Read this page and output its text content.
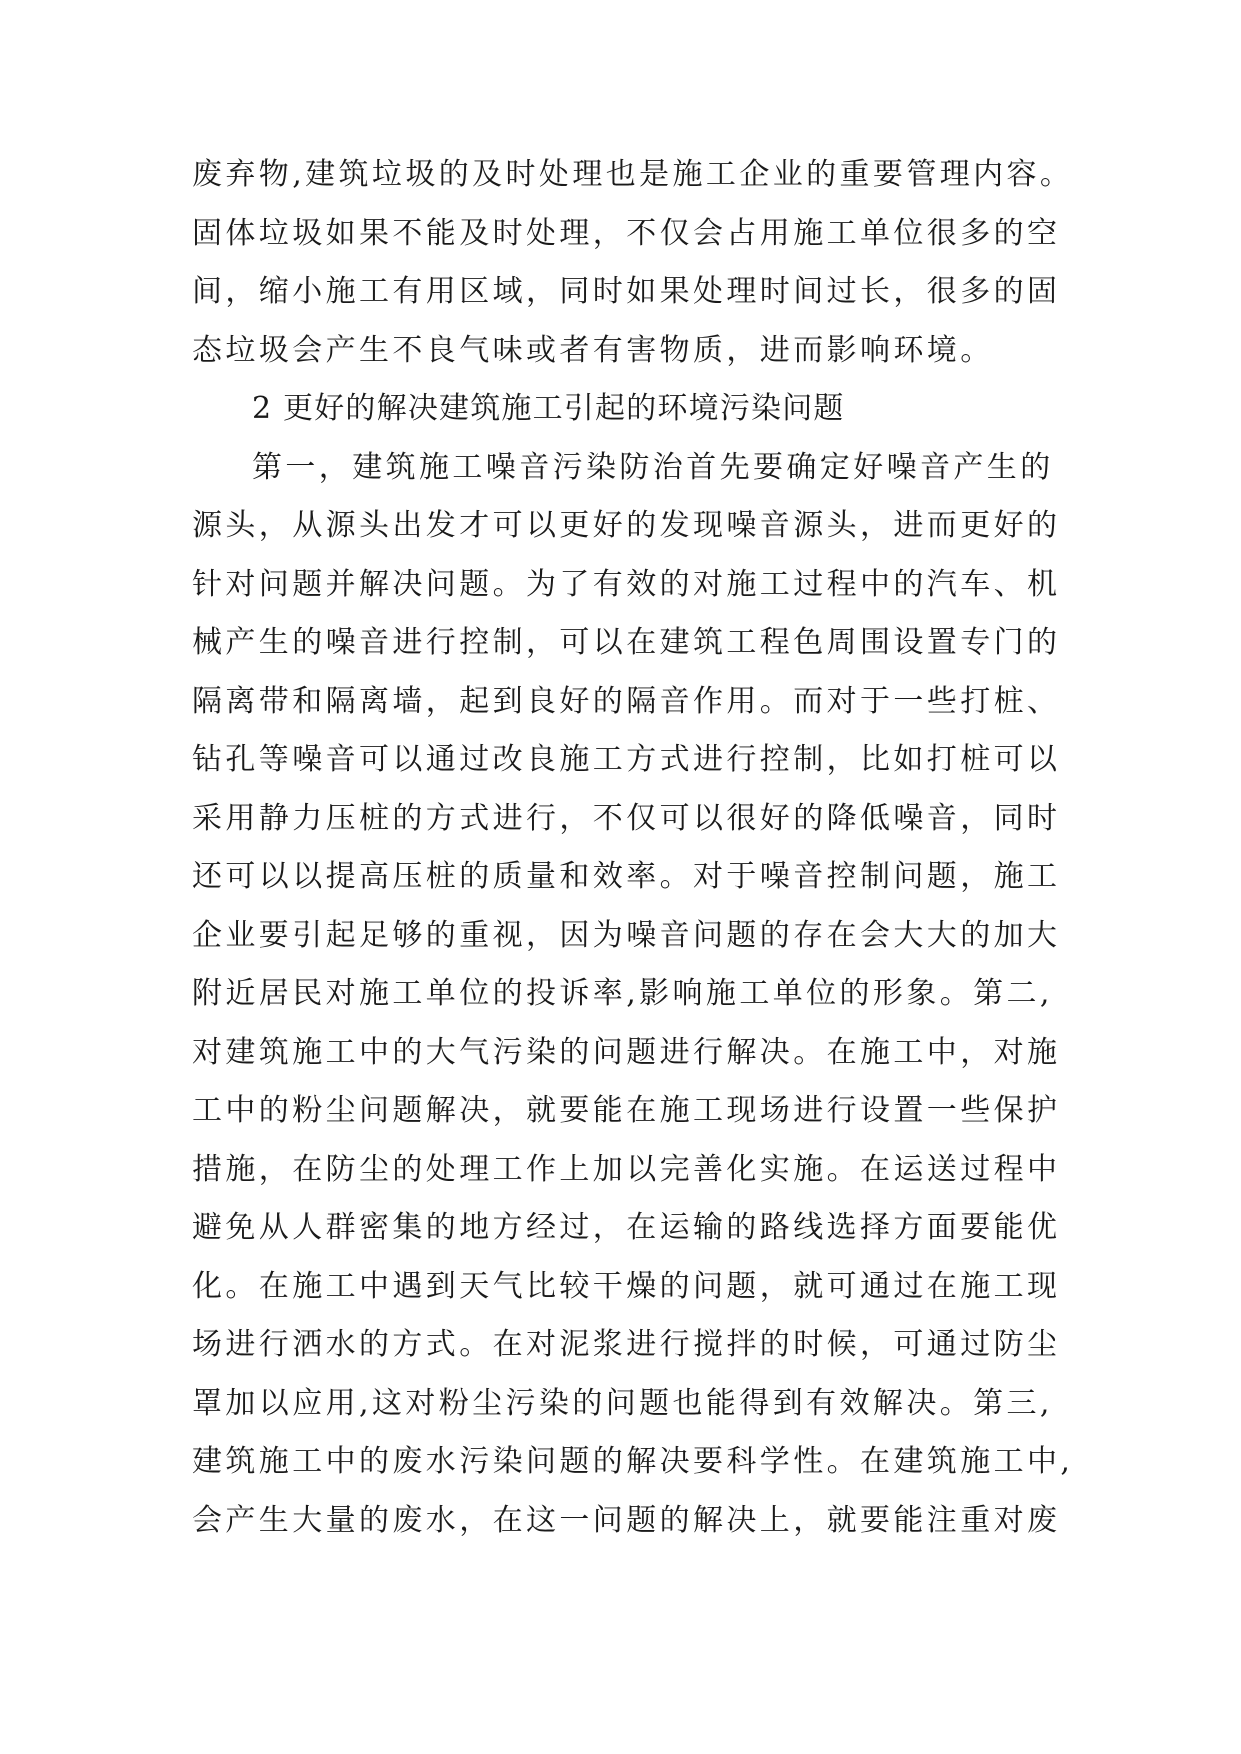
废弃物,建筑垃圾的及时处理也是施工企业的重要管理内容。
固体垃圾如果不能及时处理，不仅会占用施工单位很多的空
间，缩小施工有用区域，同时如果处理时间过长，很多的固
态垃圾会产生不良气味或者有害物质，进而影响环境。
2 更好的解决建筑施工引起的环境污染问题
第一，建筑施工噪音污染防治首先要确定好噪音产生的
源头，从源头出发才可以更好的发现噪音源头，进而更好的
针对问题并解决问题。为了有效的对施工过程中的汽车、机
械产生的噪音进行控制，可以在建筑工程色周围设置专门的
隔离带和隔离墙，起到良好的隔音作用。而对于一些打桩、
钻孔等噪音可以通过改良施工方式进行控制，比如打桩可以
采用静力压桩的方式进行，不仅可以很好的降低噪音，同时
还可以以提高压桩的质量和效率。对于噪音控制问题，施工
企业要引起足够的重视，因为噪音问题的存在会大大的加大
附近居民对施工单位的投诉率,影响施工单位的形象。第二,
对建筑施工中的大气污染的问题进行解决。在施工中，对施
工中的粉尘问题解决，就要能在施工现场进行设置一些保护
措施，在防尘的处理工作上加以完善化实施。在运送过程中
避免从人群密集的地方经过，在运输的路线选择方面要能优
化。在施工中遇到天气比较干燥的问题，就可通过在施工现
场进行洒水的方式。在对泥浆进行搅拌的时候，可通过防尘
罩加以应用,这对粉尘污染的问题也能得到有效解决。第三,
建筑施工中的废水污染问题的解决要科学性。在建筑施工中,
会产生大量的废水，在这一问题的解决上，就要能注重对废
